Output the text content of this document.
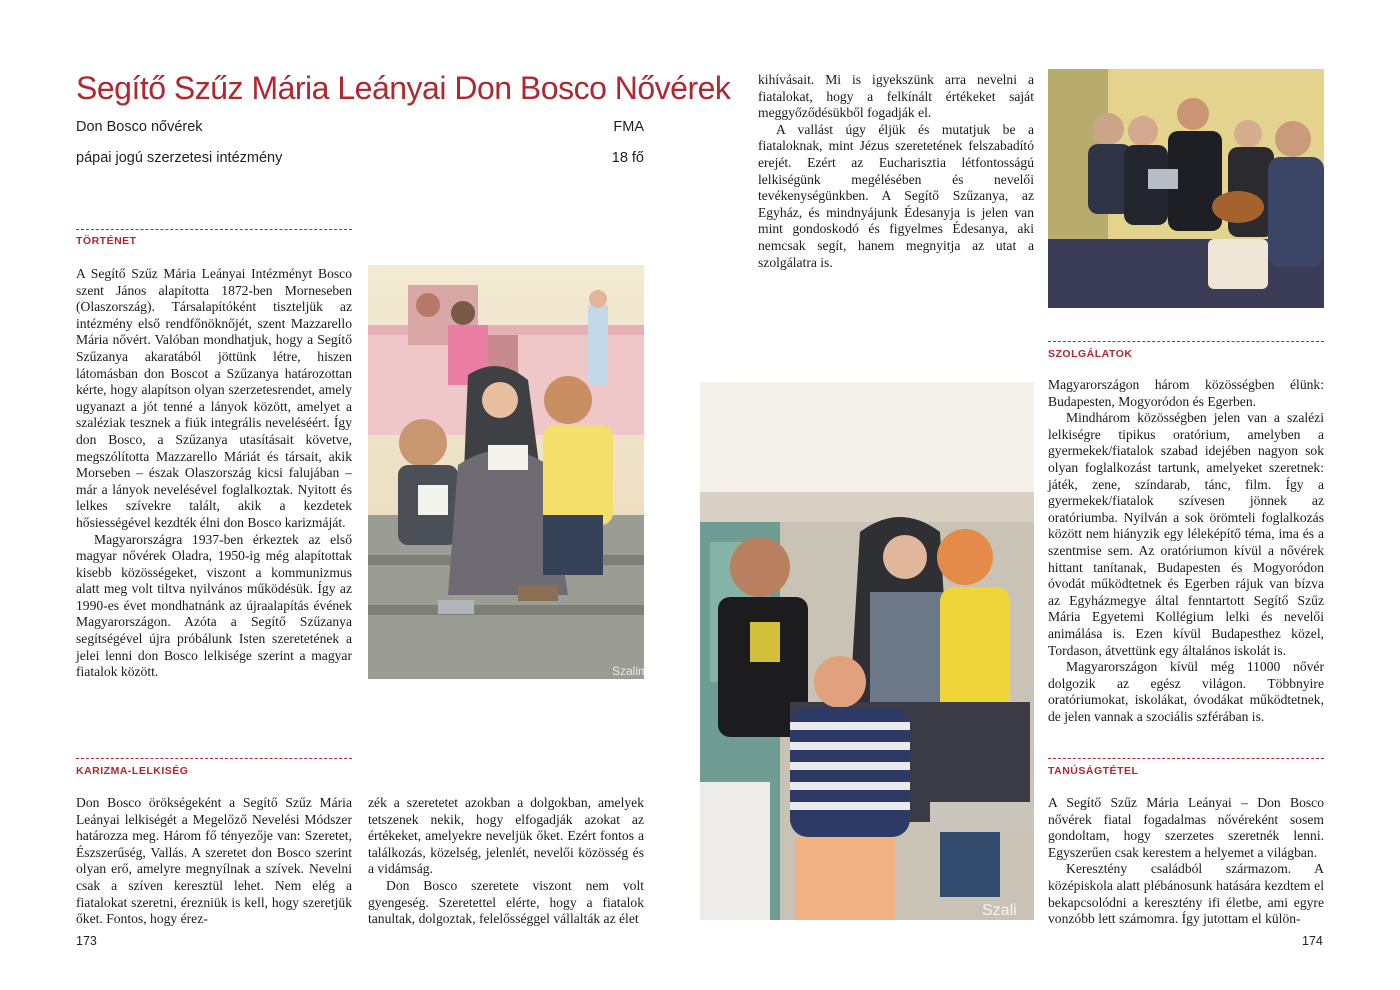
Segítő Szűz Mária Leányai Don Bosco Nővérek
Don Bosco nővérek	FMA
pápai jogú szerzetesi intézmény	18 fő
TÖRTÉNET

A Segítő Szűz Mária Leányai Intézményt Bosco szent János alapította 1872-ben Morneseben (Olaszország). Társalapítóként tiszteljük az intézmény első rendfőnöknőjét, szent Mazzarello Mária nővért. Valóban mondhatjuk, hogy a Segítő Szűzanya akaratából jöttünk létre, hiszen látomásban don Boscot a Szűzanya határozottan kérte, hogy alapítson olyan szerzetesrendet, amely ugyanazt a jót tenné a lányok között, amelyet a szaléziak tesznek a fiúk integrális neveléséért. Így don Bosco, a Szűzanya utasításait követve, megszólította Mazzarello Máriát és társait, akik Morseben – észak Olaszország kicsi falujában – már a lányok nevelésével foglalkoztak. Nyitott és lelkes szívekre talált, akik a kezdetek hősiességével kezdték élni don Bosco karizmáját.

Magyarországra 1937-ben érkeztek az első magyar nővérek Oladra, 1950-ig még alapítottak kisebb közösségeket, viszont a kommunizmus alatt meg volt tiltva nyilvános működésük. Így az 1990-es évet mondhatnánk az újraalapítás évének Magyarországon. Azóta a Segítő Szűzanya segítségével újra próbálunk Isten szeretetének a jelei lenni don Bosco lelkisége szerint a magyar fiatalok között.	Szalim
KARIZMA-LELKISÉG

Don Bosco örökségeként a Segítő Szűz Mária Leányai lelkiségét a Megelőző Nevelési Módszer határozza meg. Három fő tényezője van: Szeretet, Észszerűség, Vallás. A szeretet don Bosco szerint olyan erő, amelyre megnyílnak a szívek. Nevelni csak a szíven keresztül lehet. Nem elég a fiatalokat szeretni, érezniük is kell, hogy szeretjük őket. Fontos, hogy érez-

zék a szeretetet azokban a dolgokban, amelyek tetszenek nekik, hogy elfogadják azokat az értékeket, amelyekre neveljük őket. Ezért fontos a találkozás, közelség, jelenlét, nevelői közösség és a vidámság.

Don Bosco szeretete viszont nem volt gyengeség. Szeretettel elérte, hogy a fiatalok tanultak, dolgoztak, felelősséggel vállalták az élet

173

kihívásait. Mi is igyekszünk arra nevelni a fiatalokat, hogy a felkínált értékeket saját meggyőződésükből fogadják el.

A vallást úgy éljük és mutatjuk be a fiataloknak, mint Jézus szeretetének felszabadító erejét. Ezért az Eucharisztia létfontosságú lelkiségünk megélésében és nevelői tevékenységünkben. A Segítő Szűzanya, az Egyház, és mindnyájunk Édesanyja is jelen van mint gondoskodó és figyelmes Édesanya, aki nemcsak segít, hanem megnyitja az utat a szolgálatra is.

Szali
SZOLGÁLATOK

Magyarországon három közösségben élünk: Budapesten, Mogyoródon és Egerben.

Mindhárom közösségben jelen van a szalézi lelkiségre tipikus oratórium, amelyben a gyermekek/fiatalok szabad idejében nagyon sok olyan foglalkozást tartunk, amelyeket szeretnek: játék, zene, színdarab, tánc, film. Így a gyermekek/fiatalok szívesen jönnek az oratóriumba. Nyilván a sok örömteli foglalkozás között nem hiányzik egy léleképítő téma, ima és a szentmise sem. Az oratóriumon kívül a nővérek hittant tanítanak, Budapesten és Mogyoródon óvodát működtetnek és Egerben rájuk van bízva az Egyházmegye által fenntartott Segítő Szűz Mária Egyetemi Kollégium lelki és nevelői animálása is. Ezen kívül Budapesthez közel, Tordason, átvettünk egy általános iskolát is.

Magyarországon kívül még 11000 nővér dolgozik az egész világon. Többnyire oratóriumokat, iskolákat, óvodákat működtetnek, de jelen vannak a szociális szférában is.

TANÚSÁGTÉTEL

A Segítő Szűz Mária Leányai – Don Bosco nővérek fiatal fogadalmas nővéreként sosem gondoltam, hogy szerzetes szeretnék lenni. Egyszerűen csak kerestem a helyemet a világban.

Keresztény családból származom. A középiskola alatt plébánosunk hatására kezdtem el bekapcsolódni a keresztény ifi életbe, ami egyre vonzóbb lett számomra. Így jutottam el külön-

174
